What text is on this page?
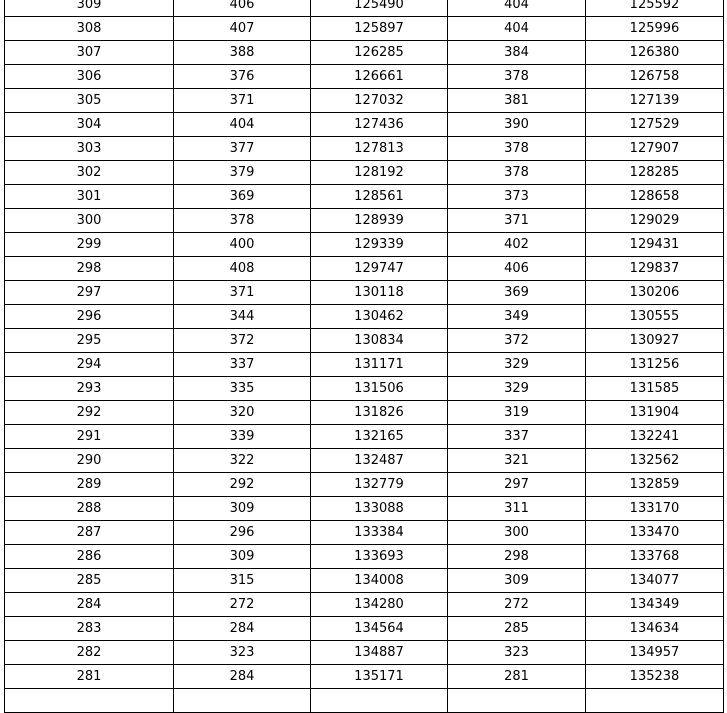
309	406	125490	404	125592
308	407	125897	404	125996
307	388	126285	384	126380
306	376	126661	378	126758
305	371	127032	381	127139
304	404	127436	390	127529
303	377	127813	378	127907
302	379	128192	378	128285
301	369	128561	373	128658
300	378	128939	371	129029
299	400	129339	402	129431
298	408	129747	406	129837
297	371	130118	369	130206
296	344	130462	349	130555
295	372	130834	372	130927
294	337	131171	329	131256
293	335	131506	329	131585
292	320	131826	319	131904
291	339	132165	337	132241
290	322	132487	321	132562
289	292	132779	297	132859
288	309	133088	311	133170
287	296	133384	300	133470
286	309	133693	298	133768
285	315	134008	309	134077
284	272	134280	272	134349
283	284	134564	285	134634
282	323	134887	323	134957
281	284	135171	281	135238
